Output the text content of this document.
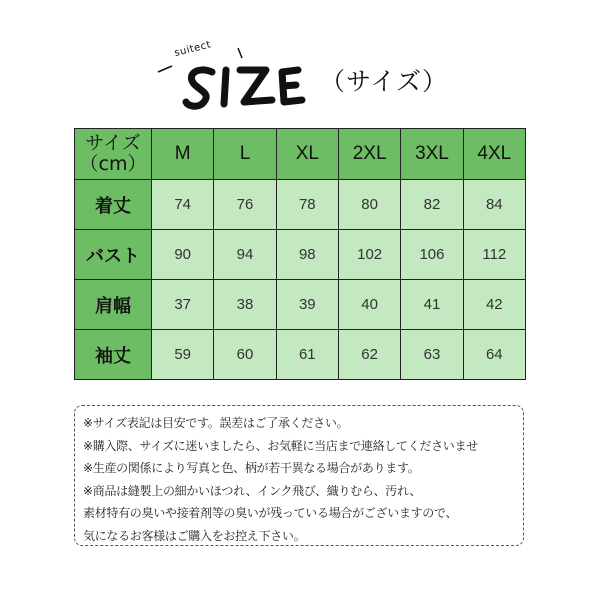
suitect
（サイズ）
サイズ
（cm）	M	L	XL	2XL	3XL	4XL
着丈	74	76	78	80	82	84
バスト	90	94	98	102	106	112
肩幅	37	38	39	40	41	42
袖丈	59	60	61	62	63	64

※サイズ表記は目安です。誤差はご了承ください。

※購入際、サイズに迷いましたら、お気軽に当店まで連絡してくださいませ

※生産の関係により写真と色、柄が若干異なる場合があります。

※商品は縫製上の細かいほつれ、インク飛び、織りむら、汚れ、

素材特有の臭いや接着剤等の臭いが残っている場合がございますので、

気になるお客様はご購入をお控え下さい。
